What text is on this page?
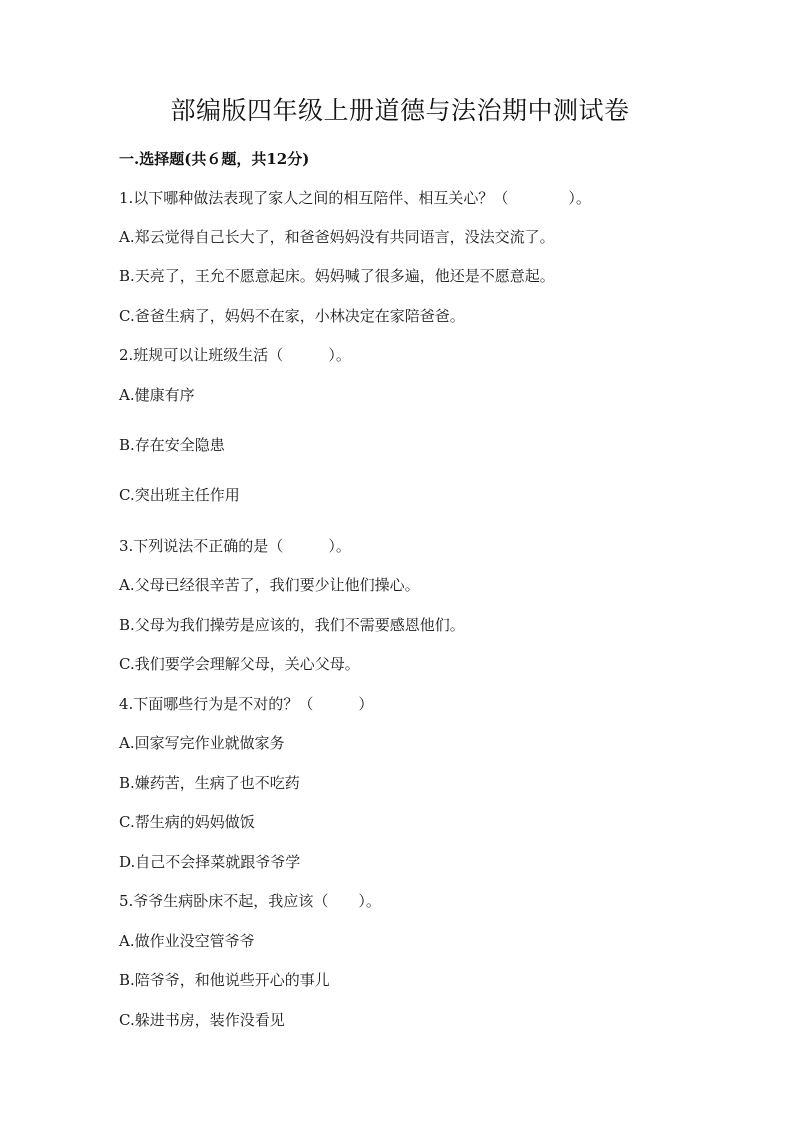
部编版四年级上册道德与法治期中测试卷
一.选择题(共６题，共12分)
1.以下哪种做法表现了家人之间的相互陪伴、相互关心？（　　　　）。
A.郑云觉得自己长大了，和爸爸妈妈没有共同语言，没法交流了。
B.天亮了，王允不愿意起床。妈妈喊了很多遍，他还是不愿意起。
C.爸爸生病了，妈妈不在家，小林决定在家陪爸爸。
2.班规可以让班级生活（　　　）。
A.健康有序
B.存在安全隐患
C.突出班主任作用
3.下列说法不正确的是（　　　）。
A.父母已经很辛苦了，我们要少让他们操心。
B.父母为我们操劳是应该的，我们不需要感恩他们。
C.我们要学会理解父母，关心父母。
4.下面哪些行为是不对的？（　　　）
A.回家写完作业就做家务
B.嫌药苦，生病了也不吃药
C.帮生病的妈妈做饭
D.自己不会择菜就跟爷爷学
5.爷爷生病卧床不起，我应该（　　）。
A.做作业没空管爷爷
B.陪爷爷，和他说些开心的事儿
C.躲进书房，装作没看见
